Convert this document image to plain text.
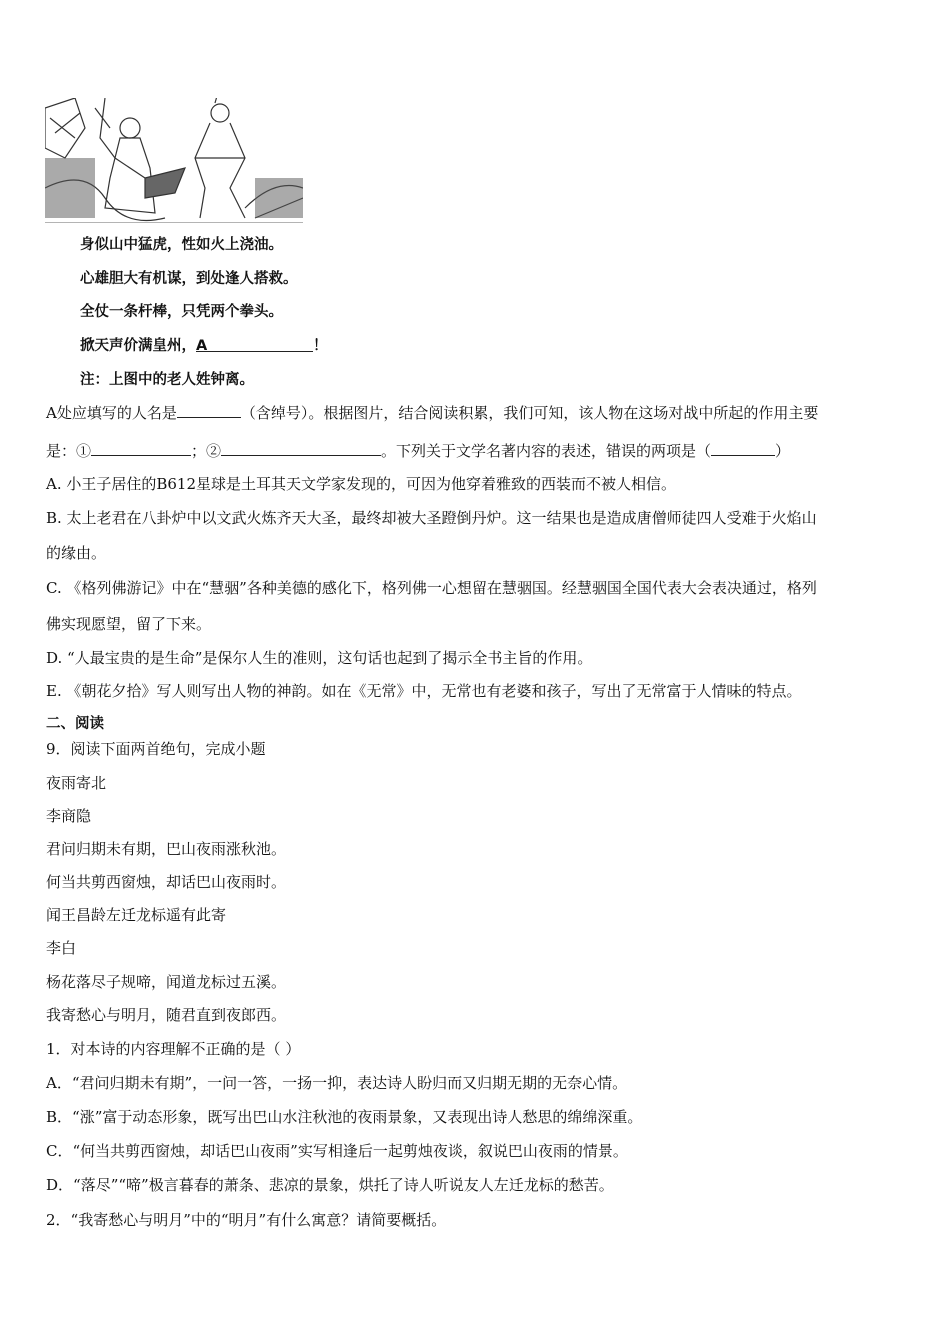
身似山中猛虎，性如火上浇油。
心雄胆大有机谋，到处逢人搭救。
全仗一条杆棒，只凭两个拳头。
掀天声价满皇州，A	！
注：上图中的老人姓钟离。
A处应填写的人名是	（含绰号）。根据图片，结合阅读积累，我们可知，该人物在这场对战中所起的作用主要
是：①	；②	。下列关于文学名著内容的表述，错误的两项是（	）
A. 小王子居住的B612星球是土耳其天文学家发现的，可因为他穿着雅致的西装而不被人相信。
B. 太上老君在八卦炉中以文武火炼齐天大圣，最终却被大圣蹬倒丹炉。这一结果也是造成唐僧师徒四人受难于火焰山
的缘由。
C. 《格列佛游记》中在“慧骃”各种美德的感化下，格列佛一心想留在慧骃国。经慧骃国全国代表大会表决通过，格列
佛实现愿望，留了下来。
D. “人最宝贵的是生命”是保尔人生的准则，这句话也起到了揭示全书主旨的作用。
E. 《朝花夕拾》写人则写出人物的神韵。如在《无常》中，无常也有老婆和孩子，写出了无常富于人情味的特点。
二、阅读
9．阅读下面两首绝句，完成小题
夜雨寄北
李商隐
君问归期未有期，巴山夜雨涨秋池。
何当共剪西窗烛，却话巴山夜雨时。
闻王昌龄左迁龙标遥有此寄
李白
杨花落尽子规啼，闻道龙标过五溪。
我寄愁心与明月，随君直到夜郎西。
1．对本诗的内容理解不正确的是（ ）
A．“君问归期未有期”，一问一答，一扬一抑，表达诗人盼归而又归期无期的无奈心情。
B．“涨”富于动态形象，既写出巴山水注秋池的夜雨景象，又表现出诗人愁思的绵绵深重。
C．“何当共剪西窗烛，却话巴山夜雨”实写相逢后一起剪烛夜谈，叙说巴山夜雨的情景。
D．“落尽”“啼”极言暮春的萧条、悲凉的景象，烘托了诗人听说友人左迁龙标的愁苦。
2．“我寄愁心与明月”中的“明月”有什么寓意？请简要概括。
